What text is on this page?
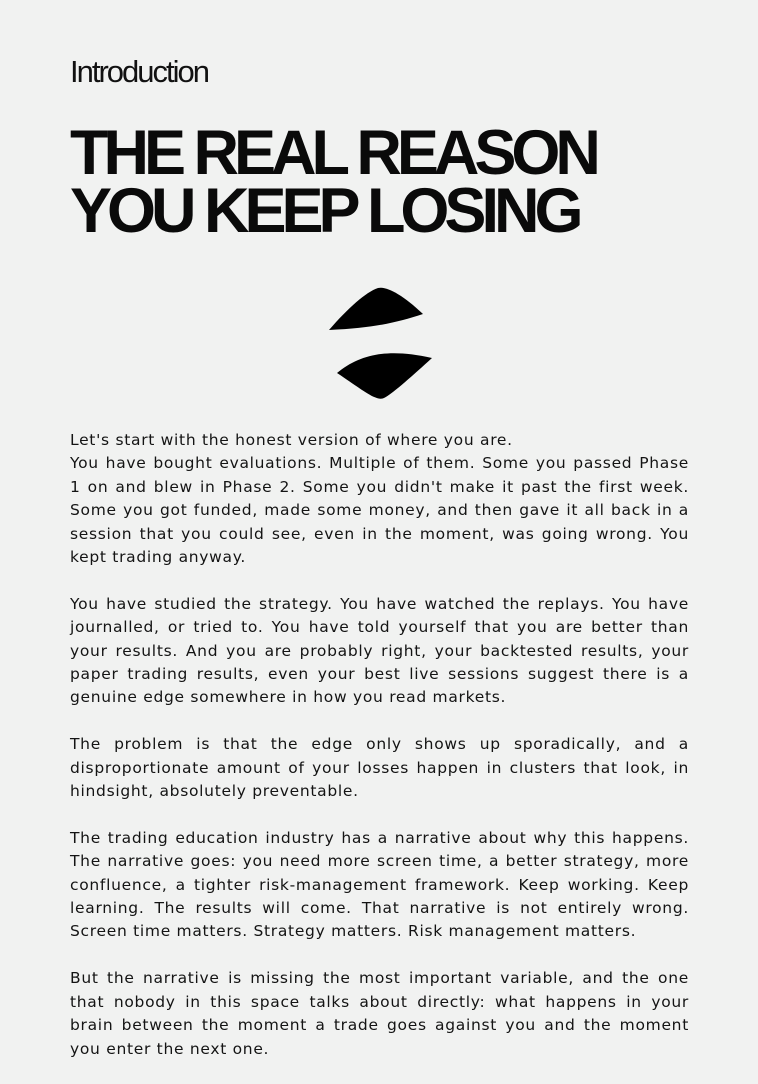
Introduction
THE REAL REASON
YOU KEEP LOSING

Let's start with the honest version of where you are.

You have bought evaluations. Multiple of them. Some you passed Phase 1 on and blew in Phase 2. Some you didn't make it past the first week. Some you got funded, made some money, and then gave it all back in a session that you could see, even in the moment, was going wrong. You kept trading anyway.

You have studied the strategy. You have watched the replays. You have journalled, or tried to. You have told yourself that you are better than your results. And you are probably right, your backtested results, your paper trading results, even your best live sessions suggest there is a genuine edge somewhere in how you read markets.

The problem is that the edge only shows up sporadically, and a disproportionate amount of your losses happen in clusters that look, in hindsight, absolutely preventable.

The trading education industry has a narrative about why this happens. The narrative goes: you need more screen time, a better strategy, more confluence, a tighter risk-management framework. Keep working. Keep learning. The results will come. That narrative is not entirely wrong. Screen time matters. Strategy matters. Risk management matters.

But the narrative is missing the most important variable, and the one that nobody in this space talks about directly: what happens in your brain between the moment a trade goes against you and the moment you enter the next one.
